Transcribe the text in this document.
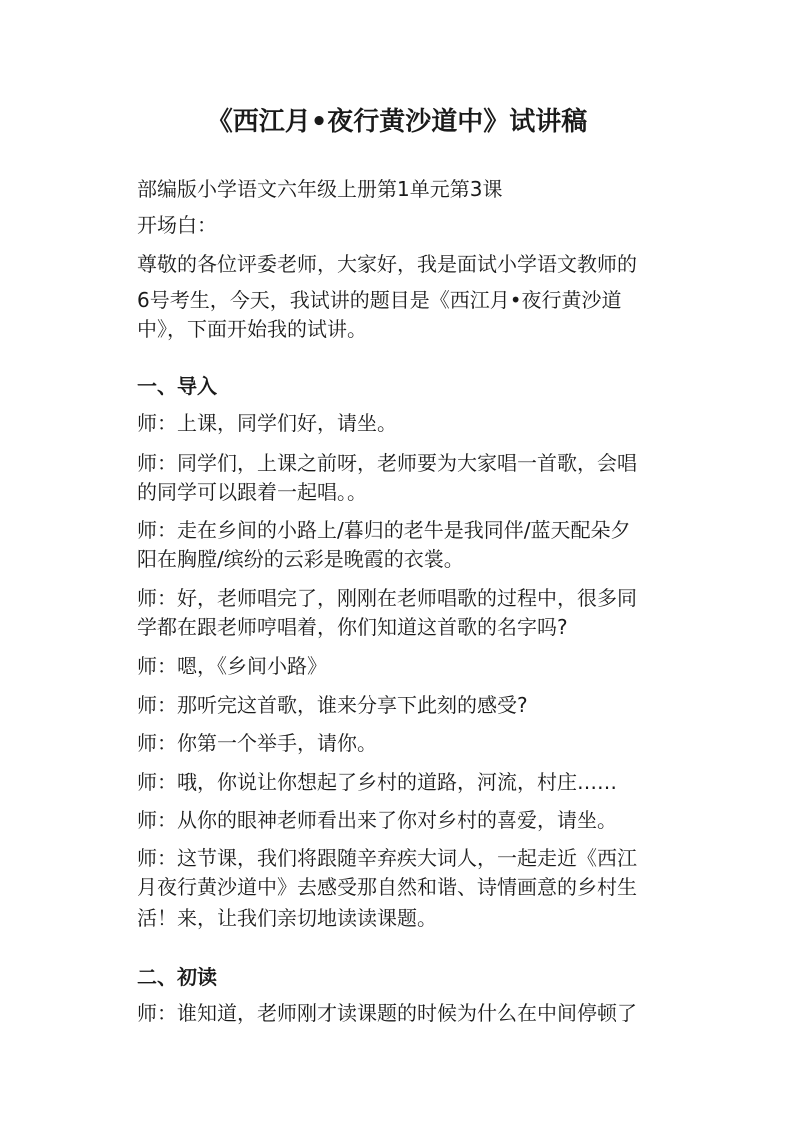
《西江月•夜行黄沙道中》试讲稿
部编版小学语文六年级上册第1单元第3课
开场白：
尊敬的各位评委老师，大家好，我是面试小学语文教师的
6号考生，今天，我试讲的题目是《西江月•夜行黄沙道
中》，下面开始我的试讲。
一、导入
师：上课，同学们好，请坐。
师：同学们，上课之前呀，老师要为大家唱一首歌，会唱
的同学可以跟着一起唱。。
师：走在乡间的小路上/暮归的老牛是我同伴/蓝天配朵夕
阳在胸膛/缤纷的云彩是晚霞的衣裳。
师：好，老师唱完了，刚刚在老师唱歌的过程中，很多同
学都在跟老师哼唱着，你们知道这首歌的名字吗?
师：嗯，《乡间小路》
师：那听完这首歌，谁来分享下此刻的感受?
师：你第一个举手，请你。
师：哦，你说让你想起了乡村的道路，河流，村庄……
师：从你的眼神老师看出来了你对乡村的喜爱，请坐。
师：这节课，我们将跟随辛弃疾大词人，一起走近《西江
月夜行黄沙道中》去感受那自然和谐、诗情画意的乡村生
活！来，让我们亲切地读读课题。
二、初读
师：谁知道，老师刚才读课题的时候为什么在中间停顿了
